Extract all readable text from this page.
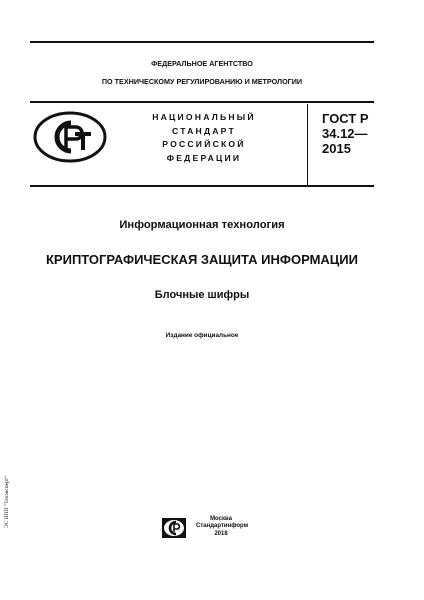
ФЕДЕРАЛЬНОЕ АГЕНТСТВО
ПО ТЕХНИЧЕСКОМУ РЕГУЛИРОВАНИЮ И МЕТРОЛОГИИ
НАЦИОНАЛЬНЫЙ
СТАНДАРТ
РОССИЙСКОЙ
ФЕДЕРАЦИИ
ГОСТ Р
34.12—
2015
Информационная технология
КРИПТОГРАФИЧЕСКАЯ ЗАЩИТА ИНФОРМАЦИИ
Блочные шифры
Издание официальное
Москва
Стандартинформ
2018
ЭС НПП "Техэксперт"
